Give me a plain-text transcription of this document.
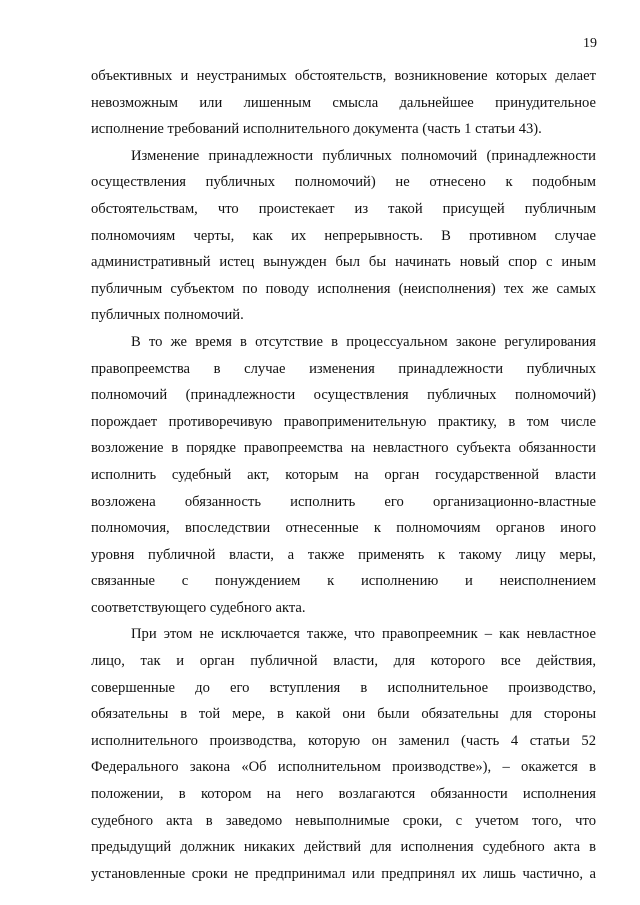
19
объективных и неустранимых обстоятельств, возникновение которых делает
невозможным или лишенным смысла дальнейшее принудительное
исполнение требований исполнительного документа (часть 1 статьи 43).
Изменение принадлежности публичных полномочий (принадлежности
осуществления публичных полномочий) не отнесено к подобным
обстоятельствам, что проистекает из такой присущей публичным
полномочиям черты, как их непрерывность. В противном случае
административный истец вынужден был бы начинать новый спор с иным
публичным субъектом по поводу исполнения (неисполнения) тех же самых
публичных полномочий.
В то же время в отсутствие в процессуальном законе регулирования
правопреемства в случае изменения принадлежности публичных
полномочий (принадлежности осуществления публичных полномочий)
порождает противоречивую правоприменительную практику, в том числе
возложение в порядке правопреемства на невластного субъекта обязанности
исполнить судебный акт, которым на орган государственной власти
возложена обязанность исполнить его организационно-властные
полномочия, впоследствии отнесенные к полномочиям органов иного
уровня публичной власти, а также применять к такому лицу меры,
связанные с понуждением к исполнению и неисполнением
соответствующего судебного акта.
При этом не исключается также, что правопреемник – как невластное
лицо, так и орган публичной власти, для которого все действия,
совершенные до его вступления в исполнительное производство,
обязательны в той мере, в какой они были обязательны для стороны
исполнительного производства, которую он заменил (часть 4 статьи 52
Федерального закона «Об исполнительном производстве»), – окажется в
положении, в котором на него возлагаются обязанности исполнения
судебного акта в заведомо невыполнимые сроки, с учетом того, что
предыдущий должник никаких действий для исполнения судебного акта в
установленные сроки не предпринимал или предпринял их лишь частично, а
